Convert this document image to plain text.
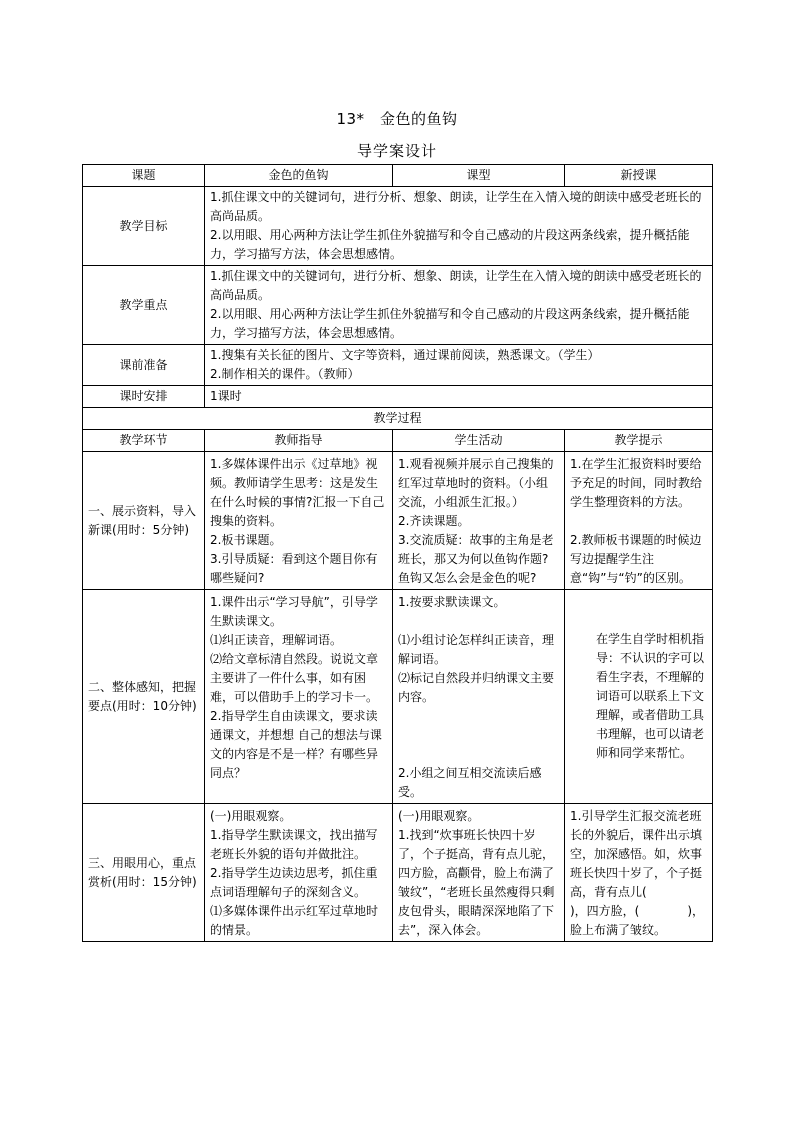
13*　金色的鱼钩
导学案设计
课题	金色的鱼钩	课型	新授课
教学目标	1.抓住课文中的关键词句，进行分析、想象、朗读，让学生在入情入境的朗读中感受老班长的高尚品质。
2.以用眼、用心两种方法让学生抓住外貌描写和令自己感动的片段这两条线索，提升概括能力，学习描写方法，体会思想感情。		

教学重点	1.抓住课文中的关键词句，进行分析、想象、朗读，让学生在入情入境的朗读中感受老班长的高尚品质。
2.以用眼、用心两种方法让学生抓住外貌描写和令自己感动的片段这两条线索，提升概括能力，学习描写方法，体会思想感情。		

课前准备	1.搜集有关长征的图片、文字等资料，通过课前阅读，熟悉课文。（学生）
2.制作相关的课件。（教师）		

课时安排	1课时		
教学过程			
教学环节	教师指导	学生活动	教学提示
一、展示资料，导入新课(用时：5分钟)	1.多媒体课件出示《过草地》视频。教师请学生思考：这是发生在什么时候的事情?汇报一下自己搜集的资料。
2.板书课题。
3.引导质疑：看到这个题目你有哪些疑问?	1.观看视频并展示自己搜集的红军过草地时的资料。（小组交流，小组派生汇报。）
2.齐读课题。
3.交流质疑：故事的主角是老班长，那又为何以鱼钩作题?鱼钩又怎么会是金色的呢?	1.在学生汇报资料时要给予充足的时间，同时教给学生整理资料的方法。
2.教师板书课题的时候边写边提醒学生注意“钩”与“钓”的区别。

二、整体感知，把握要点(用时：10分钟)	1.课件出示“学习导航”，引导学生默读课文。
⑴纠正读音，理解词语。
⑵给文章标清自然段。说说文章主要讲了一件什么事，如有困难，可以借助手上的学习卡一。
2.指导学生自由读课文，要求读通课文，并想想 自己的想法与课文的内容是不是一样？有哪些异同点？	1.按要求默读课文。
⑴小组讨论怎样纠正读音，理解词语。
⑵标记自然段并归纳课文主要内容。
2.小组之间互相交流读后感受。	在学生自学时相机指导：不认识的字可以看生字表，不理解的词语可以联系上下文理解，或者借助工具书理解，也可以请老师和同学来帮忙。

三、用眼用心，重点赏析(用时：15分钟)	(一)用眼观察。
1.指导学生默读课文，找出描写老班长外貌的语句并做批注。
2.指导学生边读边思考，抓住重点词语理解句子的深刻含义。
⑴多媒体课件出示红军过草地时的情景。	(一)用眼观察。
1.找到“炊事班长快四十岁了，个子挺高，背有点儿驼，四方脸，高颧骨，脸上布满了皱纹”，“老班长虽然瘦得只剩皮包骨头，眼睛深深地陷了下去”，深入体会。	1.引导学生汇报交流老班长的外貌后，课件出示填空，加深感悟。如，炊事班长快四十岁了，个子挺高，背有点儿(　　　　)，四方脸，(　　　　)，脸上布满了皱纹。
